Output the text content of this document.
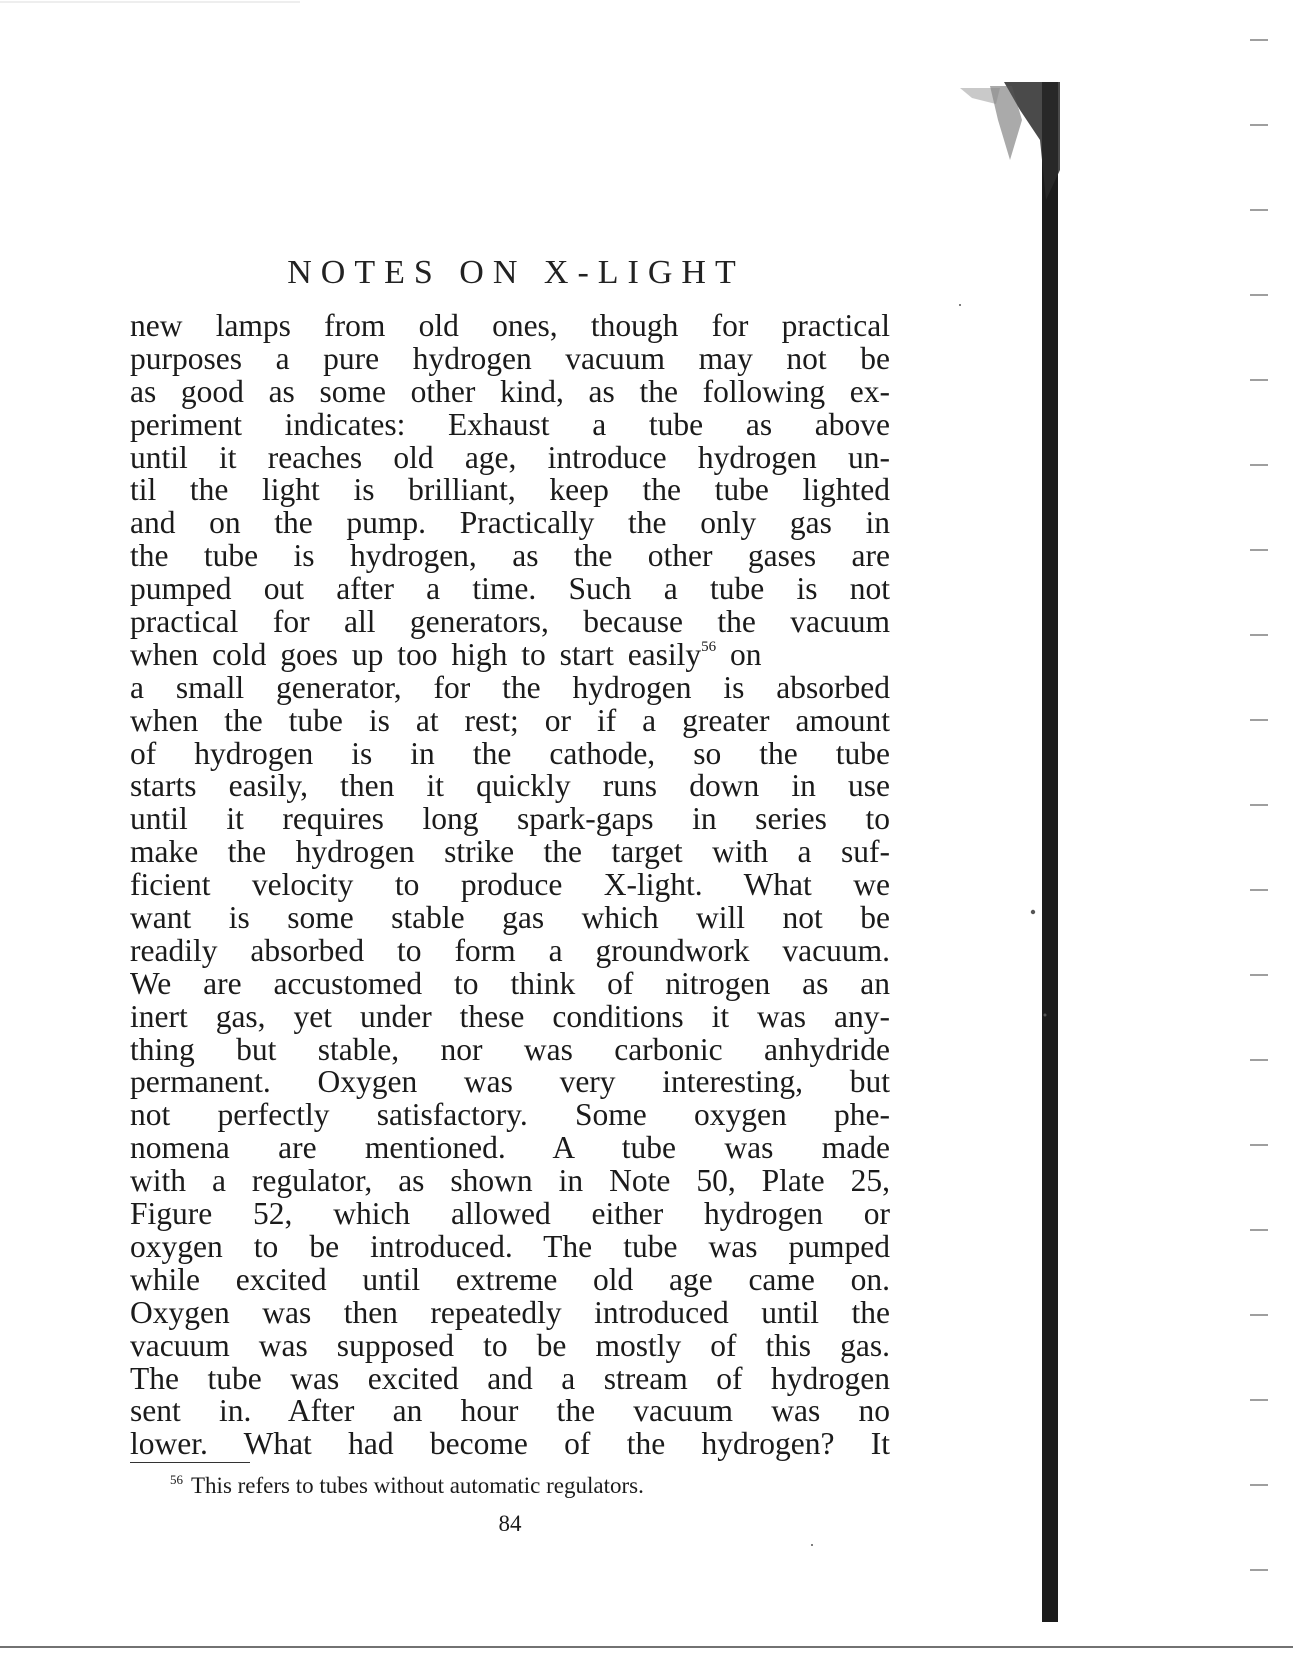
NOTES ON X-LIGHT
new lamps from old ones, though for practical
purposes a pure hydrogen vacuum may not be
as good as some other kind, as the following ex-
periment indicates: Exhaust a tube as above
until it reaches old age, introduce hydrogen un-
til the light is brilliant, keep the tube lighted
and on the pump. Practically the only gas in
the tube is hydrogen, as the other gases are
pumped out after a time. Such a tube is not
practical for all generators, because the vacuum
when cold goes up too high to start easily$^{56}$ on
a small generator, for the hydrogen is absorbed
when the tube is at rest; or if a greater amount
of hydrogen is in the cathode, so the tube
starts easily, then it quickly runs down in use
until it requires long spark-gaps in series to
make the hydrogen strike the target with a suf-
ficient velocity to produce X-light. What we
want is some stable gas which will not be
readily absorbed to form a groundwork vacuum.
We are accustomed to think of nitrogen as an
inert gas, yet under these conditions it was any-
thing but stable, nor was carbonic anhydride
permanent. Oxygen was very interesting, but
not perfectly satisfactory. Some oxygen phe-
nomena are mentioned. A tube was made
with a regulator, as shown in Note 50, Plate 25,
Figure 52, which allowed either hydrogen or
oxygen to be introduced. The tube was pumped
while excited until extreme old age came on.
Oxygen was then repeatedly introduced until the
vacuum was supposed to be mostly of this gas.
The tube was excited and a stream of hydrogen
sent in. After an hour the vacuum was no
lower. What had become of the hydrogen? It
$^{56}$ This refers to tubes without automatic regulators.
84
